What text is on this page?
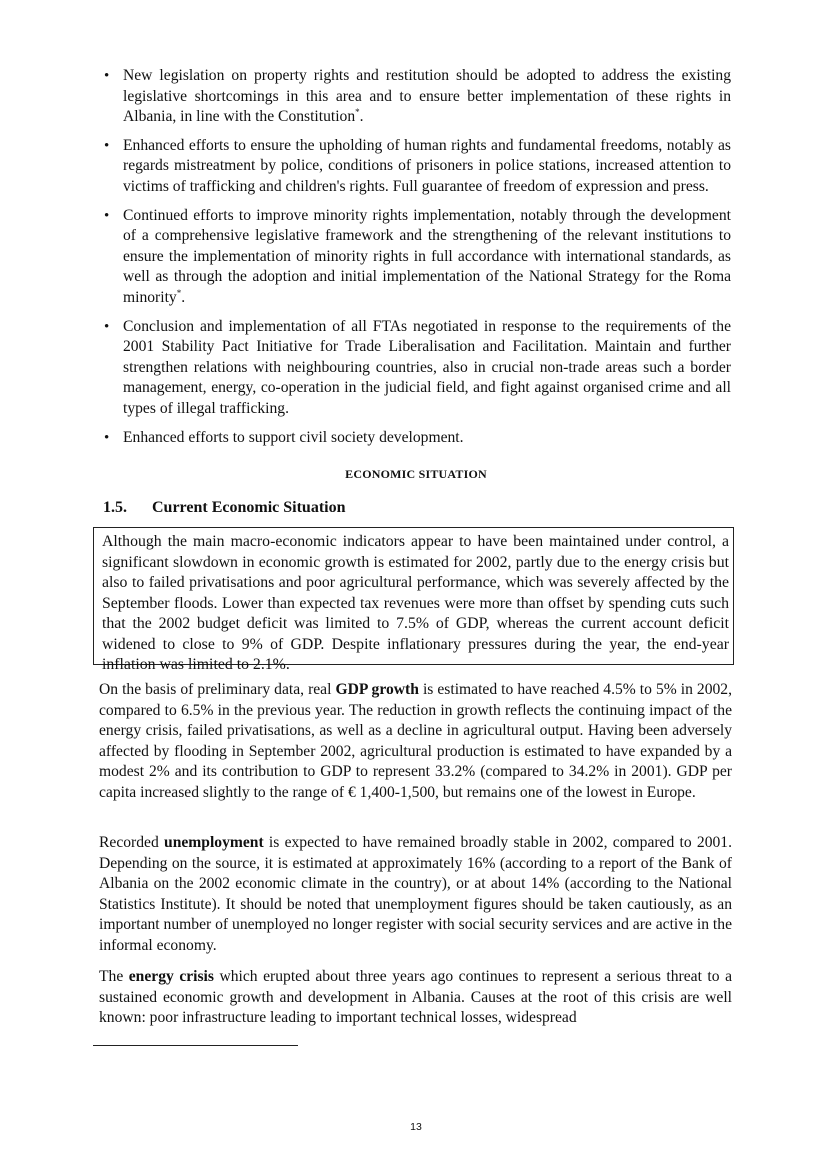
• New legislation on property rights and restitution should be adopted to address the existing legislative shortcomings in this area and to ensure better implementation of these rights in Albania, in line with the Constitution*.
• Enhanced efforts to ensure the upholding of human rights and fundamental freedoms, notably as regards mistreatment by police, conditions of prisoners in police stations, increased attention to victims of trafficking and children's rights. Full guarantee of freedom of expression and press.
• Continued efforts to improve minority rights implementation, notably through the development of a comprehensive legislative framework and the strengthening of the relevant institutions to ensure the implementation of minority rights in full accordance with international standards, as well as through the adoption and initial implementation of the National Strategy for the Roma minority*.
• Conclusion and implementation of all FTAs negotiated in response to the requirements of the 2001 Stability Pact Initiative for Trade Liberalisation and Facilitation. Maintain and further strengthen relations with neighbouring countries, also in crucial non-trade areas such a border management, energy, co-operation in the judicial field, and fight against organised crime and all types of illegal trafficking.
• Enhanced efforts to support civil society development.
ECONOMIC SITUATION
1.5. Current Economic Situation
Although the main macro-economic indicators appear to have been maintained under control, a significant slowdown in economic growth is estimated for 2002, partly due to the energy crisis but also to failed privatisations and poor agricultural performance, which was severely affected by the September floods. Lower than expected tax revenues were more than offset by spending cuts such that the 2002 budget deficit was limited to 7.5% of GDP, whereas the current account deficit widened to close to 9% of GDP. Despite inflationary pressures during the year, the end-year inflation was limited to 2.1%.

On the basis of preliminary data, real GDP growth is estimated to have reached 4.5% to 5% in 2002, compared to 6.5% in the previous year. The reduction in growth reflects the continuing impact of the energy crisis, failed privatisations, as well as a decline in agricultural output. Having been adversely affected by flooding in September 2002, agricultural production is estimated to have expanded by a modest 2% and its contribution to GDP to represent 33.2% (compared to 34.2% in 2001). GDP per capita increased slightly to the range of € 1,400-1,500, but remains one of the lowest in Europe.

Recorded unemployment is expected to have remained broadly stable in 2002, compared to 2001. Depending on the source, it is estimated at approximately 16% (according to a report of the Bank of Albania on the 2002 economic climate in the country), or at about 14% (according to the National Statistics Institute). It should be noted that unemployment figures should be taken cautiously, as an important number of unemployed no longer register with social security services and are active in the informal economy.

The energy crisis which erupted about three years ago continues to represent a serious threat to a sustained economic growth and development in Albania. Causes at the root of this crisis are well known: poor infrastructure leading to important technical losses, widespread

13
